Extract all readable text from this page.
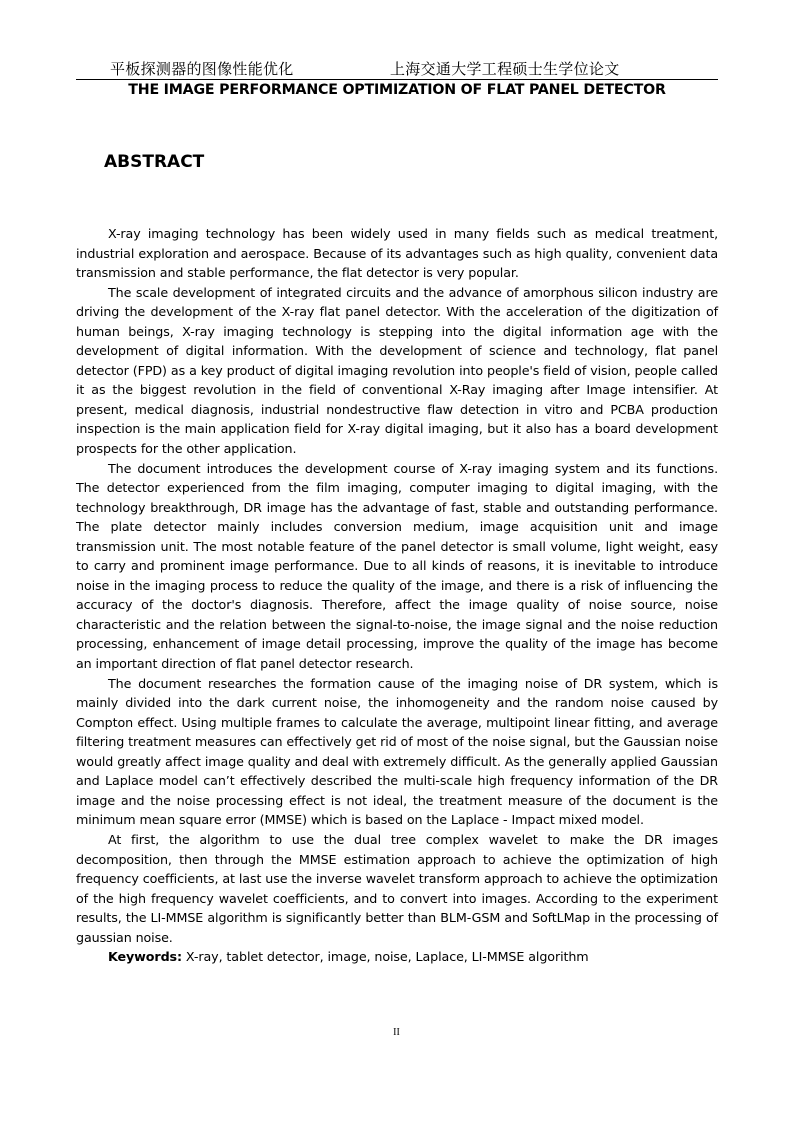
平板探测器的图像性能优化	上海交通大学工程硕士生学位论文
THE IMAGE PERFORMANCE OPTIMIZATION OF FLAT PANEL DETECTOR
ABSTRACT

X-ray imaging technology has been widely used in many fields such as medical treatment, industrial exploration and aerospace. Because of its advantages such as high quality, convenient data transmission and stable performance, the flat detector is very popular.

The scale development of integrated circuits and the advance of amorphous silicon industry are driving the development of the X-ray flat panel detector. With the acceleration of the digitization of human beings, X-ray imaging technology is stepping into the digital information age with the development of digital information. With the development of science and technology, flat panel detector (FPD) as a key product of digital imaging revolution into people's field of vision, people called it as the biggest revolution in the field of conventional X-Ray imaging after Image intensifier. At present, medical diagnosis, industrial nondestructive flaw detection in vitro and PCBA production inspection is the main application field for X-ray digital imaging, but it also has a board development prospects for the other application.

The document introduces the development course of X-ray imaging system and its functions. The detector experienced from the film imaging, computer imaging to digital imaging, with the technology breakthrough, DR image has the advantage of fast, stable and outstanding performance. The plate detector mainly includes conversion medium, image acquisition unit and image transmission unit. The most notable feature of the panel detector is small volume, light weight, easy to carry and prominent image performance. Due to all kinds of reasons, it is inevitable to introduce noise in the imaging process to reduce the quality of the image, and there is a risk of influencing the accuracy of the doctor's diagnosis. Therefore, affect the image quality of noise source, noise characteristic and the relation between the signal-to-noise, the image signal and the noise reduction processing, enhancement of image detail processing, improve the quality of the image has become an important direction of flat panel detector research.

The document researches the formation cause of the imaging noise of DR system, which is mainly divided into the dark current noise, the inhomogeneity and the random noise caused by Compton effect. Using multiple frames to calculate the average, multipoint linear fitting, and average filtering treatment measures can effectively get rid of most of the noise signal, but the Gaussian noise would greatly affect image quality and deal with extremely difficult. As the generally applied Gaussian and Laplace model can’t effectively described the multi-scale high frequency information of the DR image and the noise processing effect is not ideal, the treatment measure of the document is the minimum mean square error (MMSE) which is based on the Laplace - Impact mixed model.

At first, the algorithm to use the dual tree complex wavelet to make the DR images decomposition, then through the MMSE estimation approach to achieve the optimization of high frequency coefficients, at last use the inverse wavelet transform approach to achieve the optimization of the high frequency wavelet coefficients, and to convert into images. According to the experiment results, the LI-MMSE algorithm is significantly better than BLM-GSM and SoftLMap in the processing of gaussian noise.

Keywords: X-ray, tablet detector, image, noise, Laplace, LI-MMSE algorithm

II
